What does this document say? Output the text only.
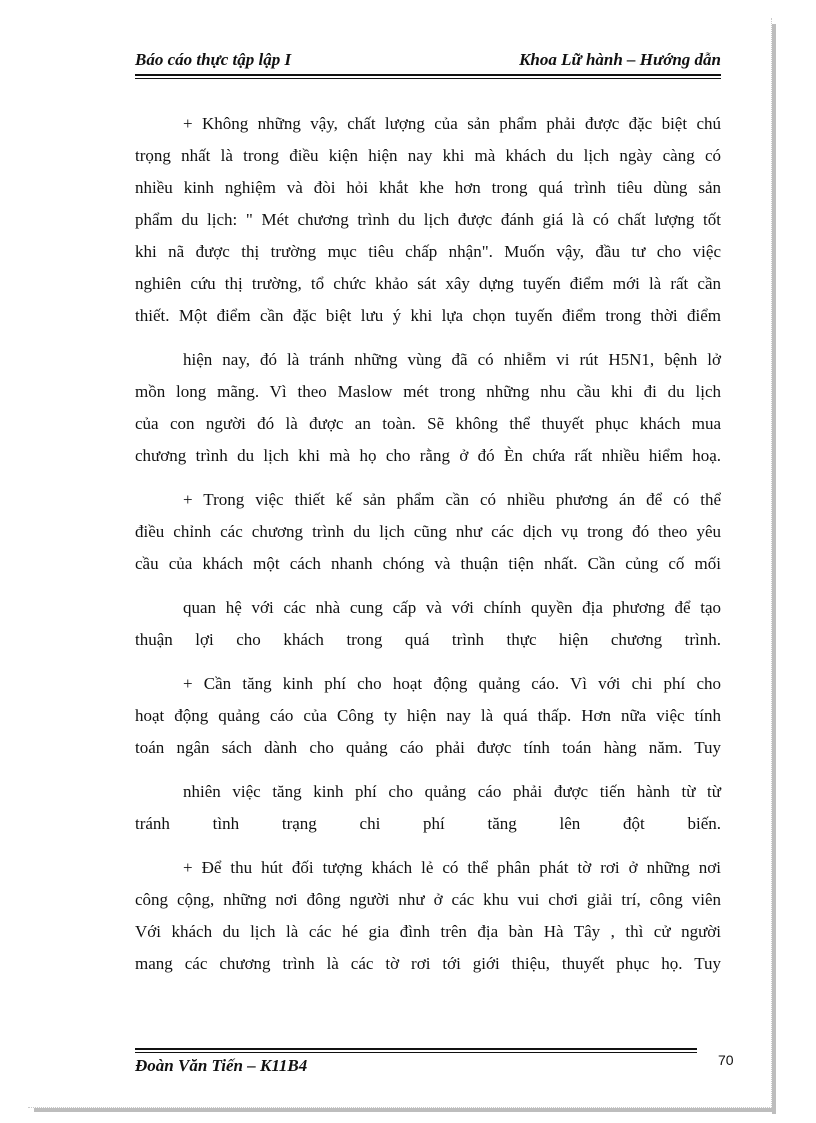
Báo cáo thực tập lập I	Khoa Lữ hành – Hướng dẫn
+ Không những vậy, chất lượng của sản phẩm phải được đặc biệt chú
trọng nhất là trong điều kiện hiện nay khi mà khách du lịch ngày càng có
nhiều kinh nghiệm và đòi hỏi khắt khe hơn trong quá trình tiêu dùng sản
phẩm du lịch: " Mét chương trình du lịch được đánh giá là có chất lượng tốt
khi nã được thị trường mục tiêu chấp nhận". Muốn vậy, đầu tư cho việc
nghiên cứu thị trường, tổ chức khảo sát xây dựng tuyến điểm mới là rất cần
thiết. Một điểm cần đặc biệt lưu ý khi lựa chọn tuyến điểm trong thời điểm
hiện nay, đó là tránh những vùng đã có nhiễm vi rút H5N1, bệnh lở
mồn long mãng. Vì theo Maslow mét trong những nhu cầu khi đi du lịch
của con người đó là được an toàn. Sẽ không thể thuyết phục khách mua
chương trình du lịch khi mà họ cho rằng ở đó Èn chứa rất nhiều hiểm hoạ.
+ Trong việc thiết kế sản phẩm cần có nhiều phương án để có thể
điều chỉnh các chương trình du lịch cũng như các dịch vụ trong đó theo yêu
cầu của khách một cách nhanh chóng và thuận tiện nhất. Cần củng cố mối
quan hệ với các nhà cung cấp và với chính quyền địa phương để tạo
thuận lợi cho khách trong quá trình thực hiện chương trình.
+ Cần tăng kinh phí cho hoạt động quảng cáo. Vì với chi phí cho
hoạt động quảng cáo của Công ty hiện nay là quá thấp. Hơn nữa việc tính
toán ngân sách dành cho quảng cáo phải được tính toán hàng năm. Tuy
nhiên việc tăng kinh phí cho quảng cáo phải được tiến hành từ từ
tránh tình trạng chi phí tăng lên đột biến.
+ Để thu hút đối tượng khách lẻ có thể phân phát tờ rơi ở những nơi
công cộng, những nơi đông người như ở các khu vui chơi giải trí, công viên
Với khách du lịch là các hé gia đình trên địa bàn Hà Tây , thì cử người
mang các chương trình là các tờ rơi tới giới thiệu, thuyết phục họ. Tuy
Đoàn Văn Tiến – K11B4	70
